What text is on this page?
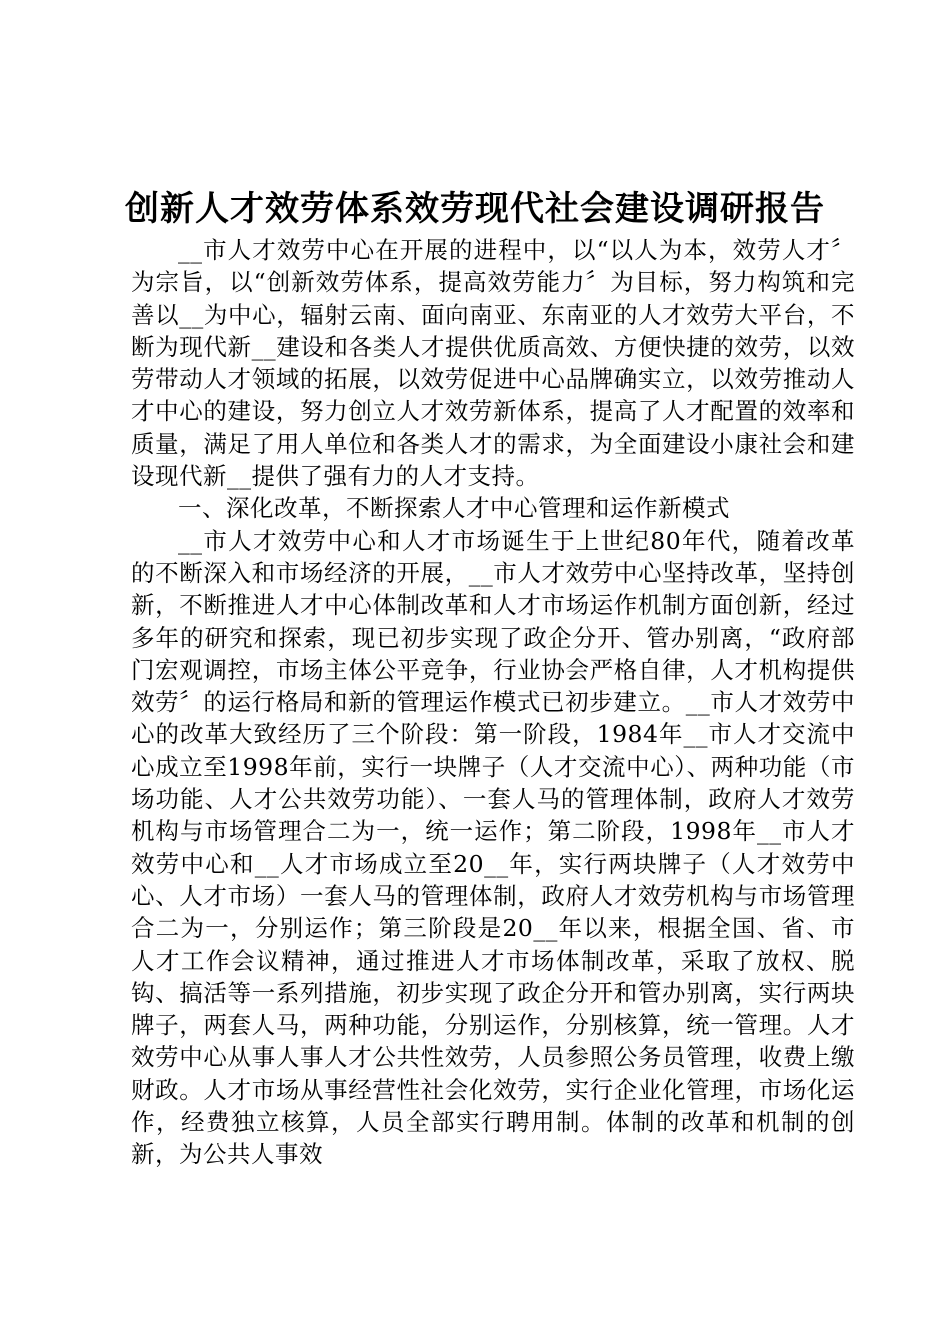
创新人才效劳体系效劳现代社会建设调研报告

__市人才效劳中心在开展的进程中，以“以人为本，效劳人才〞为宗旨，以“创新效劳体系，提高效劳能力〞为目标，努力构筑和完善以__为中心，辐射云南、面向南亚、东南亚的人才效劳大平台，不断为现代新__建设和各类人才提供优质高效、方便快捷的效劳，以效劳带动人才领域的拓展，以效劳促进中心品牌确实立，以效劳推动人才中心的建设，努力创立人才效劳新体系，提高了人才配置的效率和质量，满足了用人单位和各类人才的需求，为全面建设小康社会和建设现代新__提供了强有力的人才支持。

一、深化改革，不断探索人才中心管理和运作新模式

__市人才效劳中心和人才市场诞生于上世纪80年代，随着改革的不断深入和市场经济的开展，__市人才效劳中心坚持改革，坚持创新，不断推进人才中心体制改革和人才市场运作机制方面创新，经过多年的研究和探索，现已初步实现了政企分开、管办别离，“政府部门宏观调控，市场主体公平竞争，行业协会严格自律，人才机构提供效劳〞的运行格局和新的管理运作模式已初步建立。__市人才效劳中心的改革大致经历了三个阶段：第一阶段，1984年__市人才交流中心成立至1998年前，实行一块牌子（人才交流中心）、两种功能（市场功能、人才公共效劳功能）、一套人马的管理体制，政府人才效劳机构与市场管理合二为一，统一运作；第二阶段，1998年__市人才效劳中心和__人才市场成立至20__年，实行两块牌子（人才效劳中心、人才市场）一套人马的管理体制，政府人才效劳机构与市场管理合二为一，分别运作；第三阶段是20__年以来，根据全国、省、市人才工作会议精神，通过推进人才市场体制改革，采取了放权、脱钩、搞活等一系列措施，初步实现了政企分开和管办别离，实行两块牌子，两套人马，两种功能，分别运作，分别核算，统一管理。人才效劳中心从事人事人才公共性效劳，人员参照公务员管理，收费上缴财政。人才市场从事经营性社会化效劳，实行企业化管理，市场化运作，经费独立核算，人员全部实行聘用制。体制的改革和机制的创新，为公共人事效
